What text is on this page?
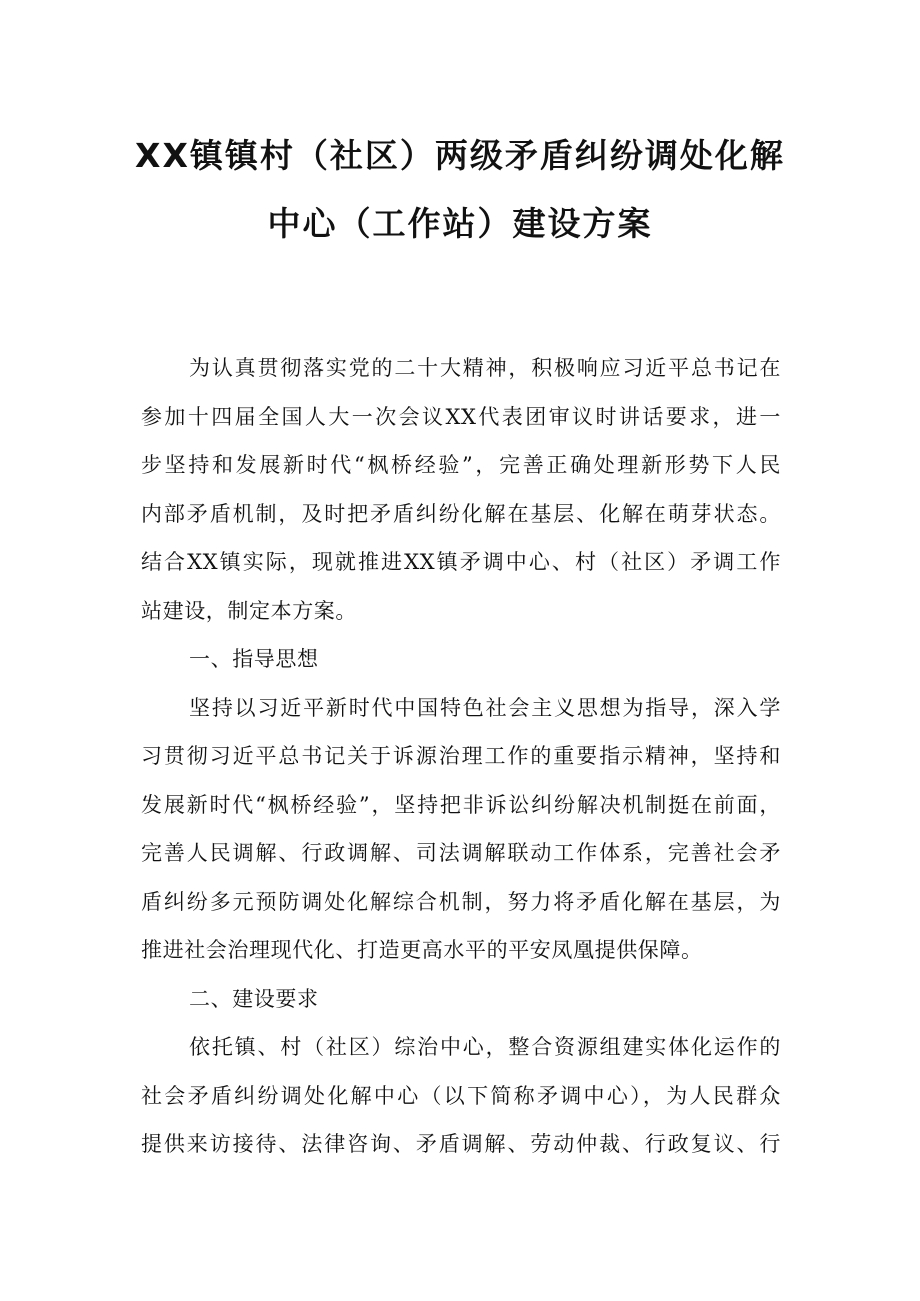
XX镇镇村（社区）两级矛盾纠纷调处化解
中心（工作站）建设方案
为认真贯彻落实党的二十大精神，积极响应习近平总书记在
参加十四届全国人大一次会议XX代表团审议时讲话要求，进一
步坚持和发展新时代“枫桥经验”，完善正确处理新形势下人民
内部矛盾机制，及时把矛盾纠纷化解在基层、化解在萌芽状态。
结合XX镇实际，现就推进XX镇矛调中心、村（社区）矛调工作
站建设，制定本方案。
一、指导思想
坚持以习近平新时代中国特色社会主义思想为指导，深入学
习贯彻习近平总书记关于诉源治理工作的重要指示精神，坚持和
发展新时代“枫桥经验”，坚持把非诉讼纠纷解决机制挺在前面，
完善人民调解、行政调解、司法调解联动工作体系，完善社会矛
盾纠纷多元预防调处化解综合机制，努力将矛盾化解在基层，为
推进社会治理现代化、打造更高水平的平安凤凰提供保障。
二、建设要求
依托镇、村（社区）综治中心，整合资源组建实体化运作的
社会矛盾纠纷调处化解中心（以下简称矛调中心），为人民群众
提供来访接待、法律咨询、矛盾调解、劳动仲裁、行政复议、行
